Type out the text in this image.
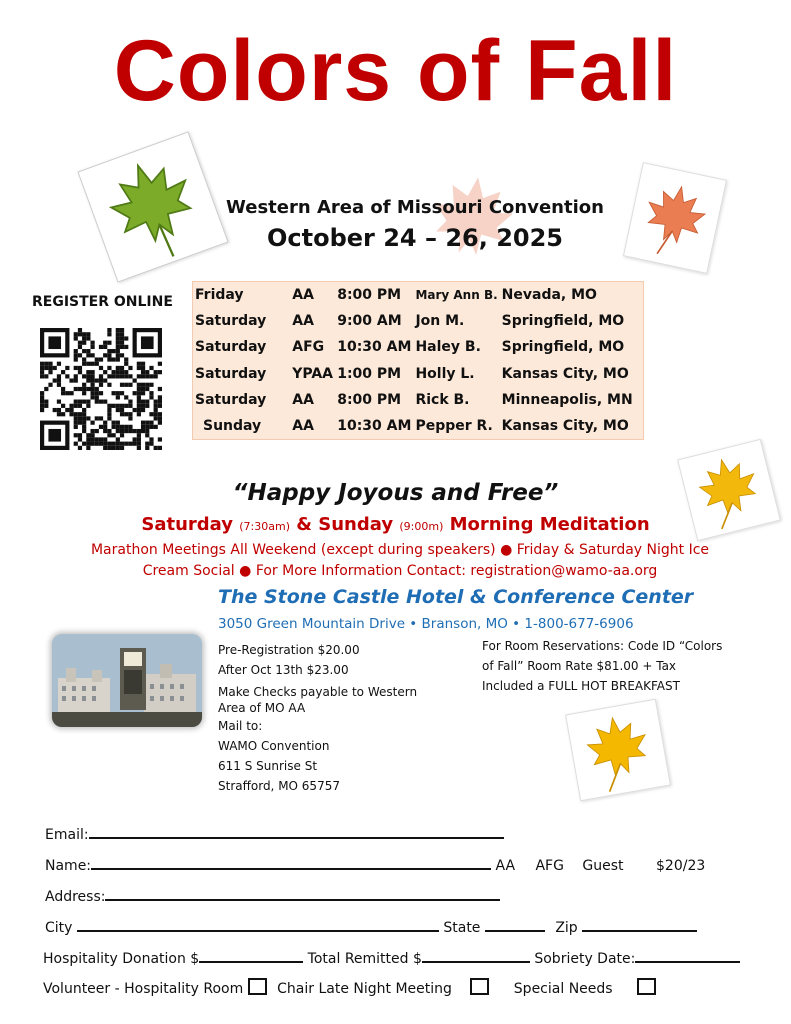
Colors of Fall
Western Area of Missouri Convention
October 24 – 26, 2025
REGISTER ONLINE Friday	AA	8:00 PM	Mary Ann B.	Nevada, MO
Saturday	AA	9:00 AM	Jon M.	Springfield, MO
Saturday	AFG	10:30 AM	Haley B.	Springfield, MO
Saturday	YPAA	1:00 PM	Holly L.	Kansas City, MO
Saturday	AA	8:00 PM	Rick B.	Minneapolis, MN
Sunday	AA	10:30 AM	Pepper R.	Kansas City, MO
“Happy Joyous and Free”
Saturday (7:30am) & Sunday (9:00m) Morning Meditation
Marathon Meetings All Weekend (except during speakers) ● Friday & Saturday Night Ice
Cream Social ● For More Information Contact: registration@wamo-aa.org
The Stone Castle Hotel & Conference Center
3050 Green Mountain Drive • Branson, MO • 1-800-677-6906
Pre-Registration $20.00
After Oct 13th $23.00
Make Checks payable to Western
Area of MO AA
Mail to:
WAMO Convention
611 S Sunrise St
Strafford, MO 65757
For Room Reservations: Code ID “Colors
of Fall” Room Rate $81.00 + Tax
Included a FULL HOT BREAKFAST
Email:
Name:	AA AFG Guest $20/23
Address:
City	State	Zip
Hospitality Donation $	Total Remitted $	Sobriety Date:
Volunteer - Hospitality Room Chair Late Night Meeting	Special Needs
